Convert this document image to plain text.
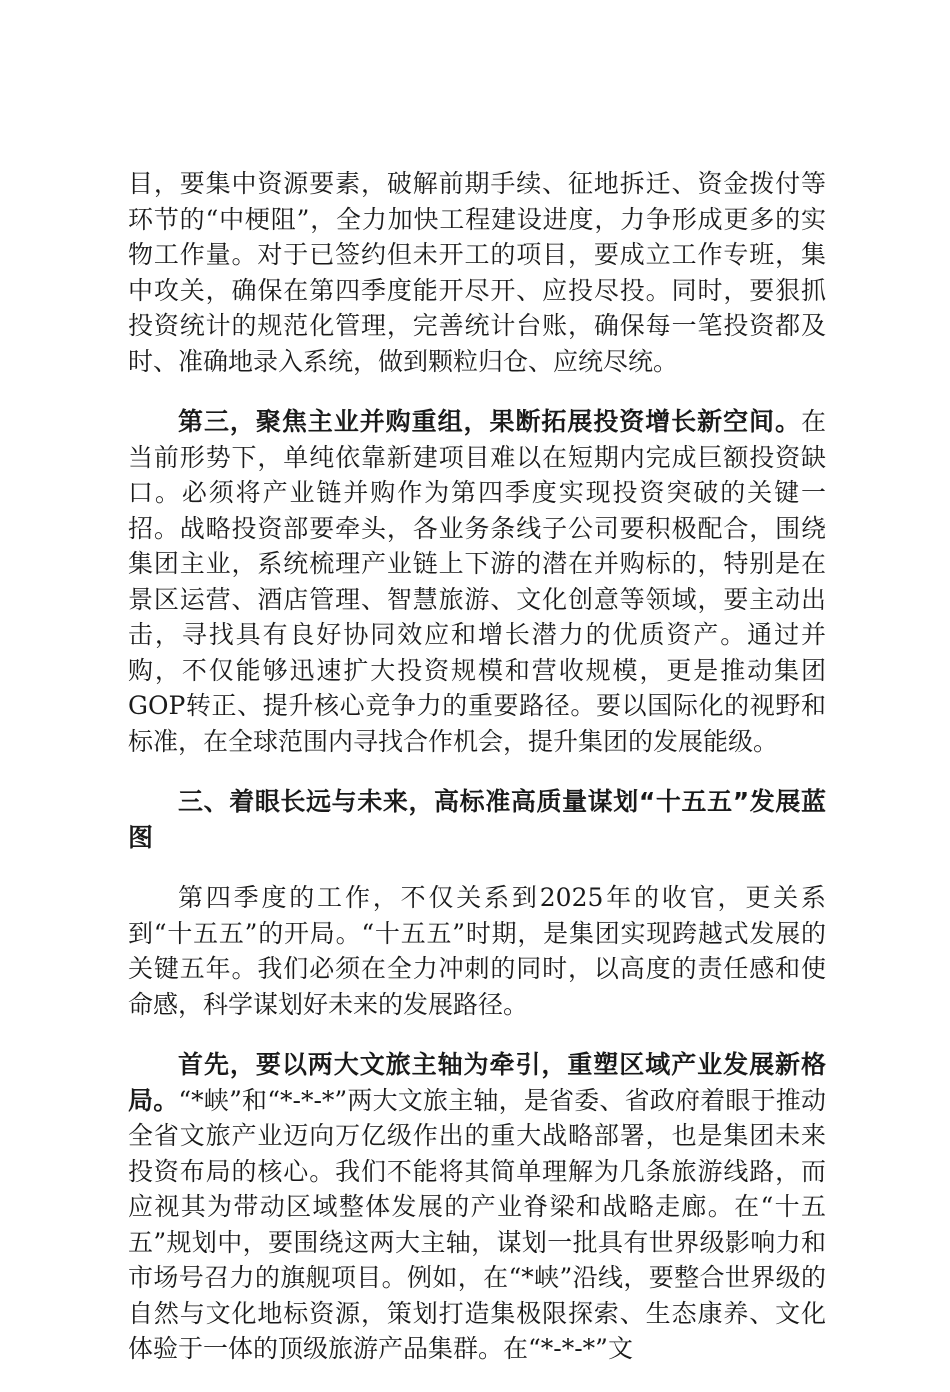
目，要集中资源要素，破解前期手续、征地拆迁、资金拨付等环节的“中梗阻”，全力加快工程建设进度，力争形成更多的实物工作量。对于已签约但未开工的项目，要成立工作专班，集中攻关，确保在第四季度能开尽开、应投尽投。同时，要狠抓投资统计的规范化管理，完善统计台账，确保每一笔投资都及时、准确地录入系统，做到颗粒归仓、应统尽统。

第三，聚焦主业并购重组，果断拓展投资增长新空间。在当前形势下，单纯依靠新建项目难以在短期内完成巨额投资缺口。必须将产业链并购作为第四季度实现投资突破的关键一招。战略投资部要牵头，各业务条线子公司要积极配合，围绕集团主业，系统梳理产业链上下游的潜在并购标的，特别是在景区运营、酒店管理、智慧旅游、文化创意等领域，要主动出击，寻找具有良好协同效应和增长潜力的优质资产。通过并购，不仅能够迅速扩大投资规模和营收规模，更是推动集团GOP转正、提升核心竞争力的重要路径。要以国际化的视野和标准，在全球范围内寻找合作机会，提升集团的发展能级。

三、着眼长远与未来，高标准高质量谋划“十五五”发展蓝图

第四季度的工作，不仅关系到2025年的收官，更关系到“十五五”的开局。“十五五”时期，是集团实现跨越式发展的关键五年。我们必须在全力冲刺的同时，以高度的责任感和使命感，科学谋划好未来的发展路径。

首先，要以两大文旅主轴为牵引，重塑区域产业发展新格局。“*峡”和“*-*-*”两大文旅主轴，是省委、省政府着眼于推动全省文旅产业迈向万亿级作出的重大战略部署，也是集团未来投资布局的核心。我们不能将其简单理解为几条旅游线路，而应视其为带动区域整体发展的产业脊梁和战略走廊。在“十五五”规划中，要围绕这两大主轴，谋划一批具有世界级影响力和市场号召力的旗舰项目。例如，在“*峡”沿线，要整合世界级的自然与文化地标资源，策划打造集极限探索、生态康养、文化体验于一体的顶级旅游产品集群。在“*-*-*”文
